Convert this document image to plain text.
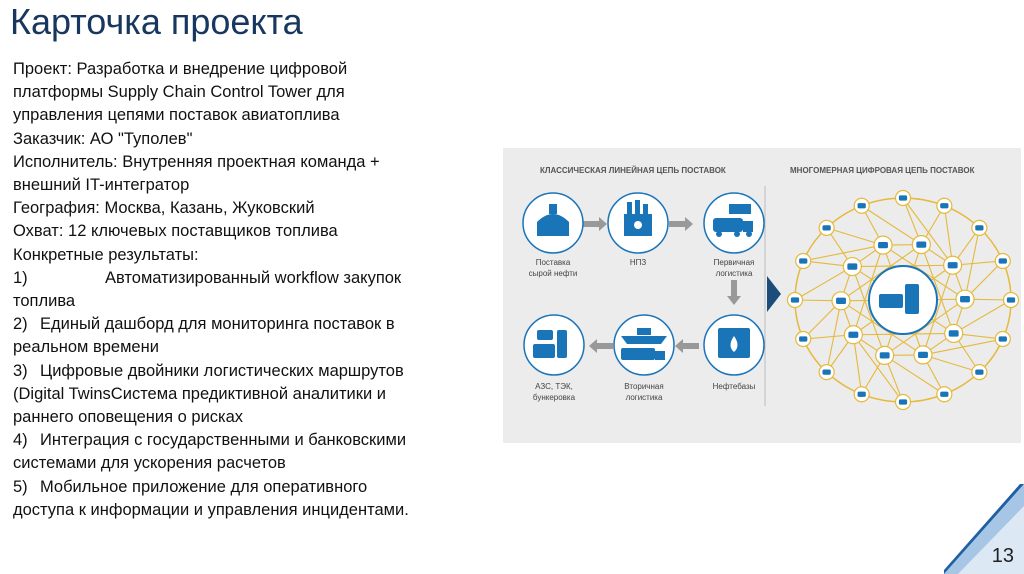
Карточка проекта
Проект: Разработка и внедрение цифровой
платформы Supply Chain Control Tower для
управления цепями поставок авиатоплива
Заказчик: АО "Туполев"
Исполнитель: Внутренняя проектная команда +
внешний IT-интегратор
География: Москва, Казань, Жуковский
Охват: 12 ключевых поставщиков топлива
Конкретные результаты:
1)	Автоматизированный workflow закупок
топлива
2) Единый дашборд для мониторинга поставок в
реальном времени
3) Цифровые двойники логистических маршрутов
(Digital TwinsСистема предиктивной аналитики и
раннего оповещения о рисках
4) Интеграция с государственными и банковскими
системами для ускорения расчетов
5) Мобильное приложение для оперативного
доступа к информации и управления инцидентами.
КЛАССИЧЕСКАЯ ЛИНЕЙНАЯ ЦЕПЬ ПОСТАВОК	МНОГОМЕРНАЯ ЦИФРОВАЯ ЦЕПЬ ПОСТАВОК
Поставка
сырой нефти
НПЗ	Первичная
логистика
Нефтебазы
Вторичная
логистика
АЗС, ТЭК,
бункеровка
13
